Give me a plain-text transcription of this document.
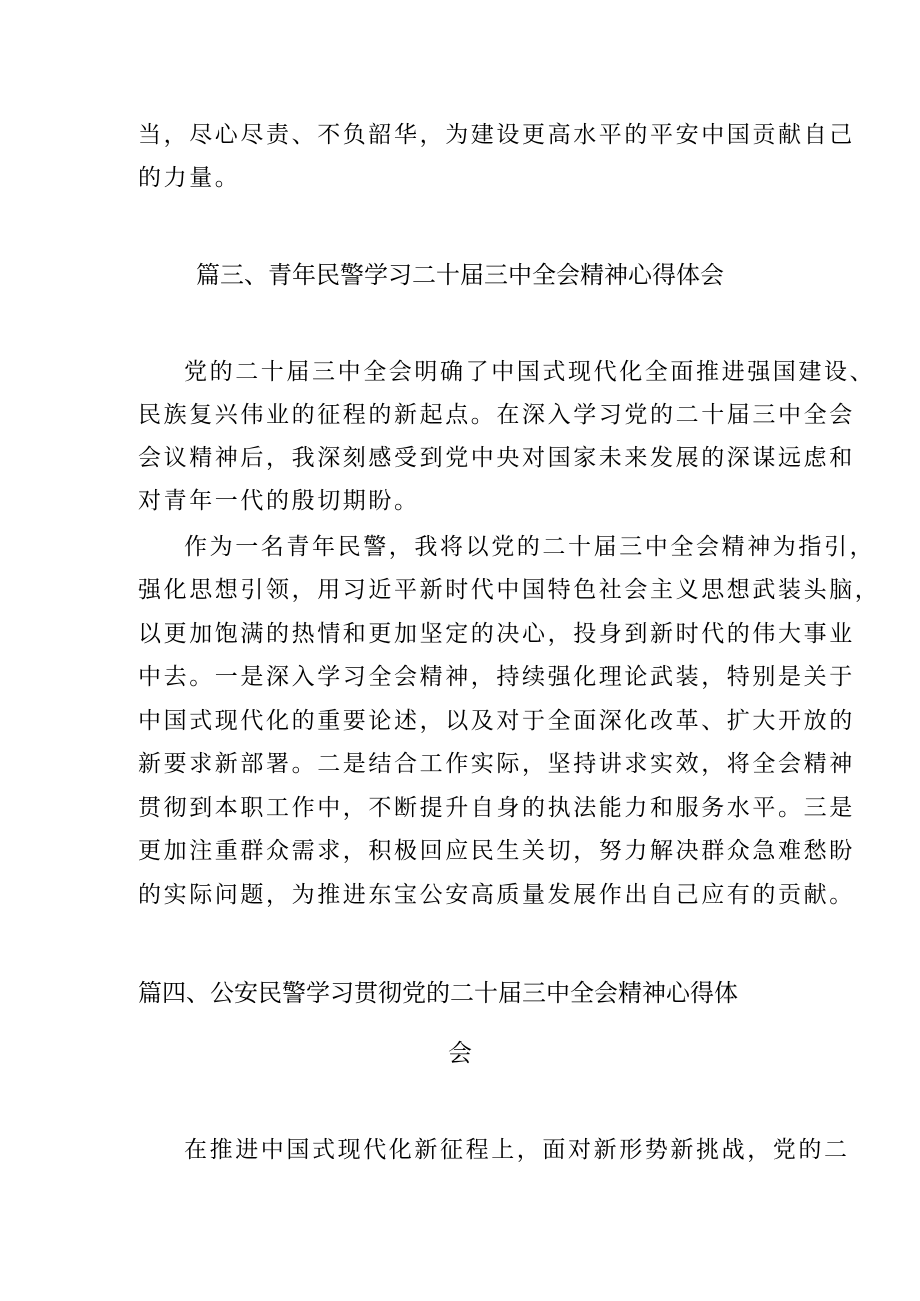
当，尽心尽责、不负韶华，为建设更高水平的平安中国贡献自己
的力量。
篇三、青年民警学习二十届三中全会精神心得体会
党的二十届三中全会明确了中国式现代化全面推进强国建设、
民族复兴伟业的征程的新起点。在深入学习党的二十届三中全会
会议精神后，我深刻感受到党中央对国家未来发展的深谋远虑和
对青年一代的殷切期盼。
作为一名青年民警，我将以党的二十届三中全会精神为指引，
强化思想引领，用习近平新时代中国特色社会主义思想武装头脑，
以更加饱满的热情和更加坚定的决心，投身到新时代的伟大事业
中去。一是深入学习全会精神，持续强化理论武装，特别是关于
中国式现代化的重要论述，以及对于全面深化改革、扩大开放的
新要求新部署。二是结合工作实际，坚持讲求实效，将全会精神
贯彻到本职工作中，不断提升自身的执法能力和服务水平。三是
更加注重群众需求，积极回应民生关切，努力解决群众急难愁盼
的实际问题，为推进东宝公安高质量发展作出自己应有的贡献。
篇四、公安民警学习贯彻党的二十届三中全会精神心得体
会
在推进中国式现代化新征程上，面对新形势新挑战，党的二
